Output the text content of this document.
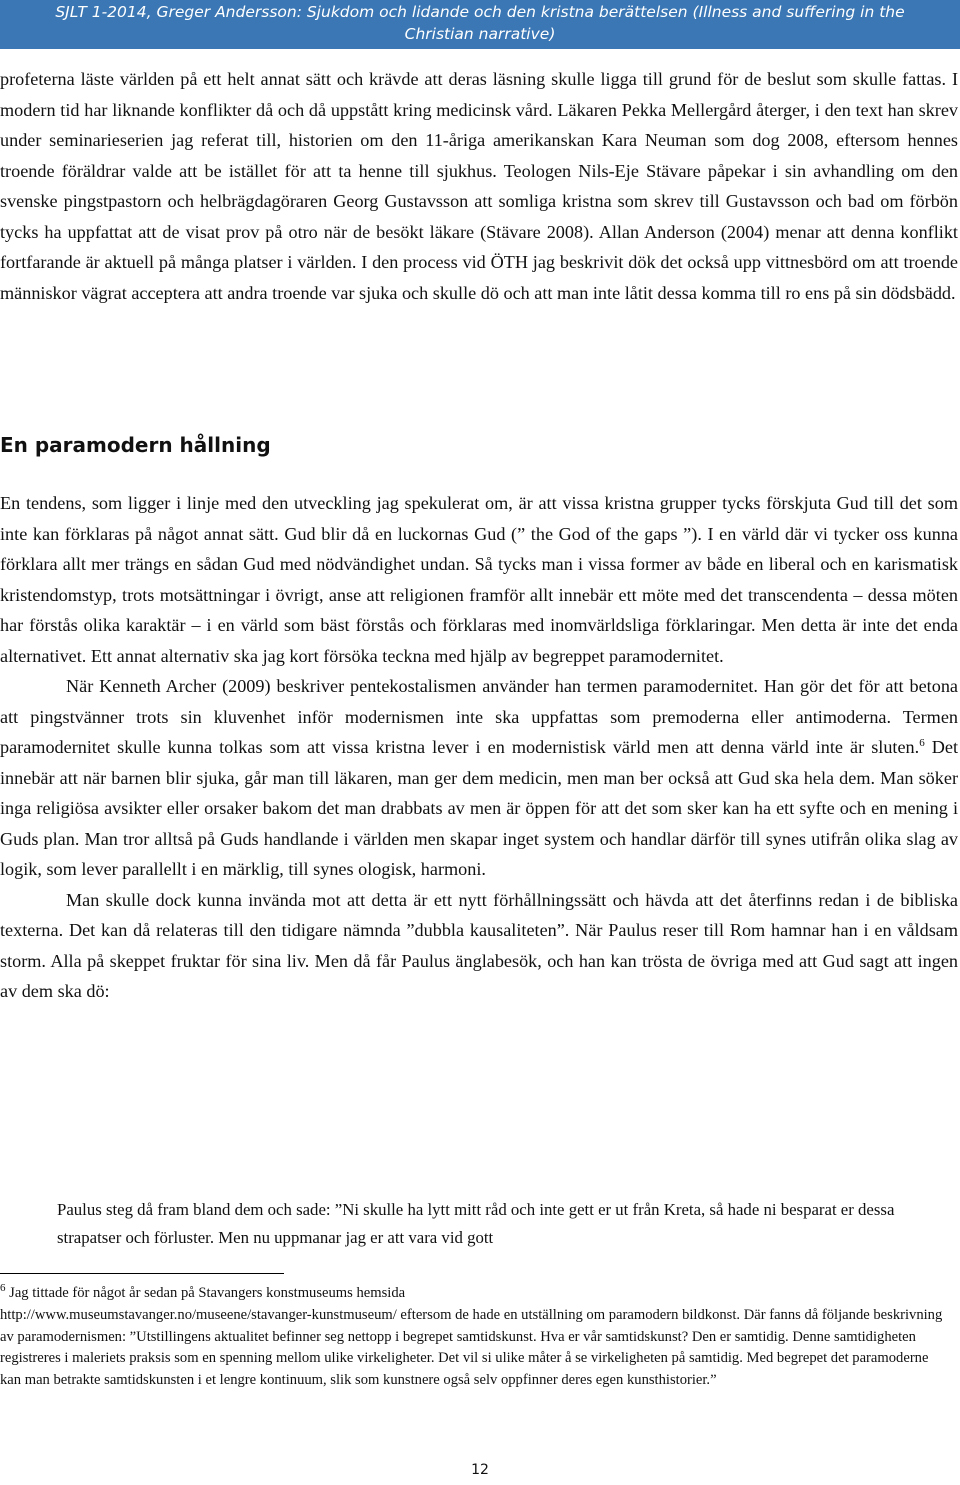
SJLT 1-2014, Greger Andersson: Sjukdom och lidande och den kristna berättelsen (Illness and suffering in the
Christian narrative)

profeterna läste världen på ett helt annat sätt och krävde att deras läsning skulle ligga till grund för de beslut som skulle fattas. I modern tid har liknande konflikter då och då uppstått kring medicinsk vård. Läkaren Pekka Mellergård återger, i den text han skrev under seminarieserien jag referat till, historien om den 11-åriga amerikanskan Kara Neuman som dog 2008, eftersom hennes troende föräldrar valde att be istället för att ta henne till sjukhus. Teologen Nils-Eje Stävare påpekar i sin avhandling om den svenske pingstpastorn och helbrägdagöraren Georg Gustavsson att somliga kristna som skrev till Gustavsson och bad om förbön tycks ha uppfattat att de visat prov på otro när de besökt läkare (Stävare 2008). Allan Anderson (2004) menar att denna konflikt fortfarande är aktuell på många platser i världen. I den process vid ÖTH jag beskrivit dök det också upp vittnesbörd om att troende människor vägrat acceptera att andra troende var sjuka och skulle dö och att man inte låtit dessa komma till ro ens på sin dödsbädd.

En paramodern hållning
En tendens, som ligger i linje med den utveckling jag spekulerat om, är att vissa kristna grupper tycks förskjuta Gud till det som inte kan förklaras på något annat sätt. Gud blir då en luckornas Gud (” the God of the gaps ”). I en värld där vi tycker oss kunna förklara allt mer trängs en sådan Gud med nödvändighet undan. Så tycks man i vissa former av både en liberal och en karismatisk kristendomstyp, trots motsättningar i övrigt, anse att religionen framför allt innebär ett möte med det transcendenta – dessa möten har förstås olika karaktär – i en värld som bäst förstås och förklaras med inomvärldsliga förklaringar. Men detta är inte det enda alternativet. Ett annat alternativ ska jag kort försöka teckna med hjälp av begreppet paramodernitet.
När Kenneth Archer (2009) beskriver pentekostalismen använder han termen paramodernitet. Han gör det för att betona att pingstvänner trots sin kluvenhet inför modernismen inte ska uppfattas som premoderna eller antimoderna. Termen paramodernitet skulle kunna tolkas som att vissa kristna lever i en modernistisk värld men att denna värld inte är sluten.$^6$ Det innebär att när barnen blir sjuka, går man till läkaren, man ger dem medicin, men man ber också att Gud ska hela dem. Man söker inga religiösa avsikter eller orsaker bakom det man drabbats av men är öppen för att det som sker kan ha ett syfte och en mening i Guds plan. Man tror alltså på Guds handlande i världen men skapar inget system och handlar därför till synes utifrån olika slag av logik, som lever parallellt i en märklig, till synes ologisk, harmoni.
Man skulle dock kunna invända mot att detta är ett nytt förhållningssätt och hävda att det återfinns redan i de bibliska texterna. Det kan då relateras till den tidigare nämnda ”dubbla kausaliteten”. När Paulus reser till Rom hamnar han i en våldsam storm. Alla på skeppet fruktar för sina liv. Men då får Paulus änglabesök, och han kan trösta de övriga med att Gud sagt att ingen av dem ska dö:

Paulus steg då fram bland dem och sade: ”Ni skulle ha lytt mitt råd och inte gett er ut från Kreta, så hade ni besparat er dessa strapatser och förluster. Men nu uppmanar jag er att vara vid gott

$^6$ Jag tittade för något år sedan på Stavangers konstmuseums hemsida
http://www.museumstavanger.no/museene/stavanger-kunstmuseum/ eftersom de hade en utställning om paramodern bildkonst. Där fanns då följande beskrivning av paramodernismen: ”Utstillingens aktualitet befinner seg nettopp i begrepet samtidskunst. Hva er vår samtidskunst? Den er samtidig. Denne samtidigheten registreres i maleriets praksis som en spenning mellom ulike virkeligheter. Det vil si ulike måter å se virkeligheten på samtidig. Med begrepet det paramoderne kan man betrakte samtidskunsten i et lengre kontinuum, slik som kunstnere også selv oppfinner deres egen kunsthistorier.”

12
